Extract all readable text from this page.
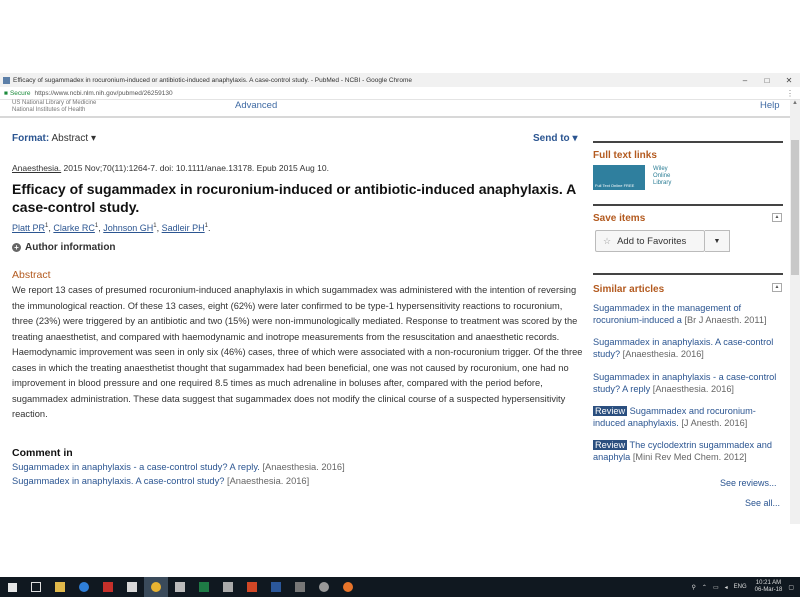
Efficacy of sugammadex in rocuronium-induced or antibiotic-induced anaphylaxis. A case-control study. - PubMed - NCBI - Google Chrome	–	□	✕
■ Secure https://www.ncbi.nlm.nih.gov/pubmed/26259130	⋮
US National Library of Medicine
National Institutes of Health	Advanced	Help	▲
Format: Abstract ▾	Send to ▾
Anaesthesia. 2015 Nov;70(11):1264-7. doi: 10.1111/anae.13178. Epub 2015 Aug 10.
Efficacy of sugammadex in rocuronium-induced or antibiotic-induced anaphylaxis. A case-control study.
Platt $PR^1$, Clarke $RC^1$, Johnson $GH^1$, Sadleir $PH^1$.
+ Author information
Abstract

We report 13 cases of presumed rocuronium-induced anaphylaxis in which sugammadex was administered with the intention of reversing the immunological reaction. Of these 13 cases, eight (62%) were later confirmed to be type-1 hypersensitivity reactions to rocuronium, three (23%) were triggered by an antibiotic and two (15%) were non-immunologically mediated. Response to treatment was scored by the treating anaesthetist, and compared with haemodynamic and inotrope measurements from the resuscitation and anaesthetic records. Haemodynamic improvement was seen in only six (46%) cases, three of which were associated with a non-rocuronium trigger. Of the three cases in which the treating anaesthetist thought that sugammadex had been beneficial, one was not caused by rocuronium, one had no improvement in blood pressure and one required 8.5 times as much adrenaline in boluses after, compared with the period before, sugammadex administration. These data suggest that sugammadex does not modify the clinical course of a suspected hypersensitivity reaction.

Comment in
Sugammadex in anaphylaxis - a case-control study? A reply. [Anaesthesia. 2016]
Sugammadex in anaphylaxis. A case-control study? [Anaesthesia. 2016]
Full text links
Full Text Online FREE
Wiley
Online
Library
Save items	▲
☆ Add to Favorites	▼
Similar articles	▲
Sugammadex in the management of rocuronium-induced a [Br J Anaesth. 2011]
Sugammadex in anaphylaxis. A case-control study? [Anaesthesia. 2016]
Sugammadex in anaphylaxis - a case-control study? A reply [Anaesthesia. 2016]
Review Sugammadex and rocuronium-induced anaphylaxis. [J Anesth. 2016]
Review The cyclodextrin sugammadex and anaphyla [Mini Rev Med Chem. 2012]
See reviews...
See all...
⚲ ⌃ ▭ ◂ ENG
10:21 AM
06-Mar-18 ▢
